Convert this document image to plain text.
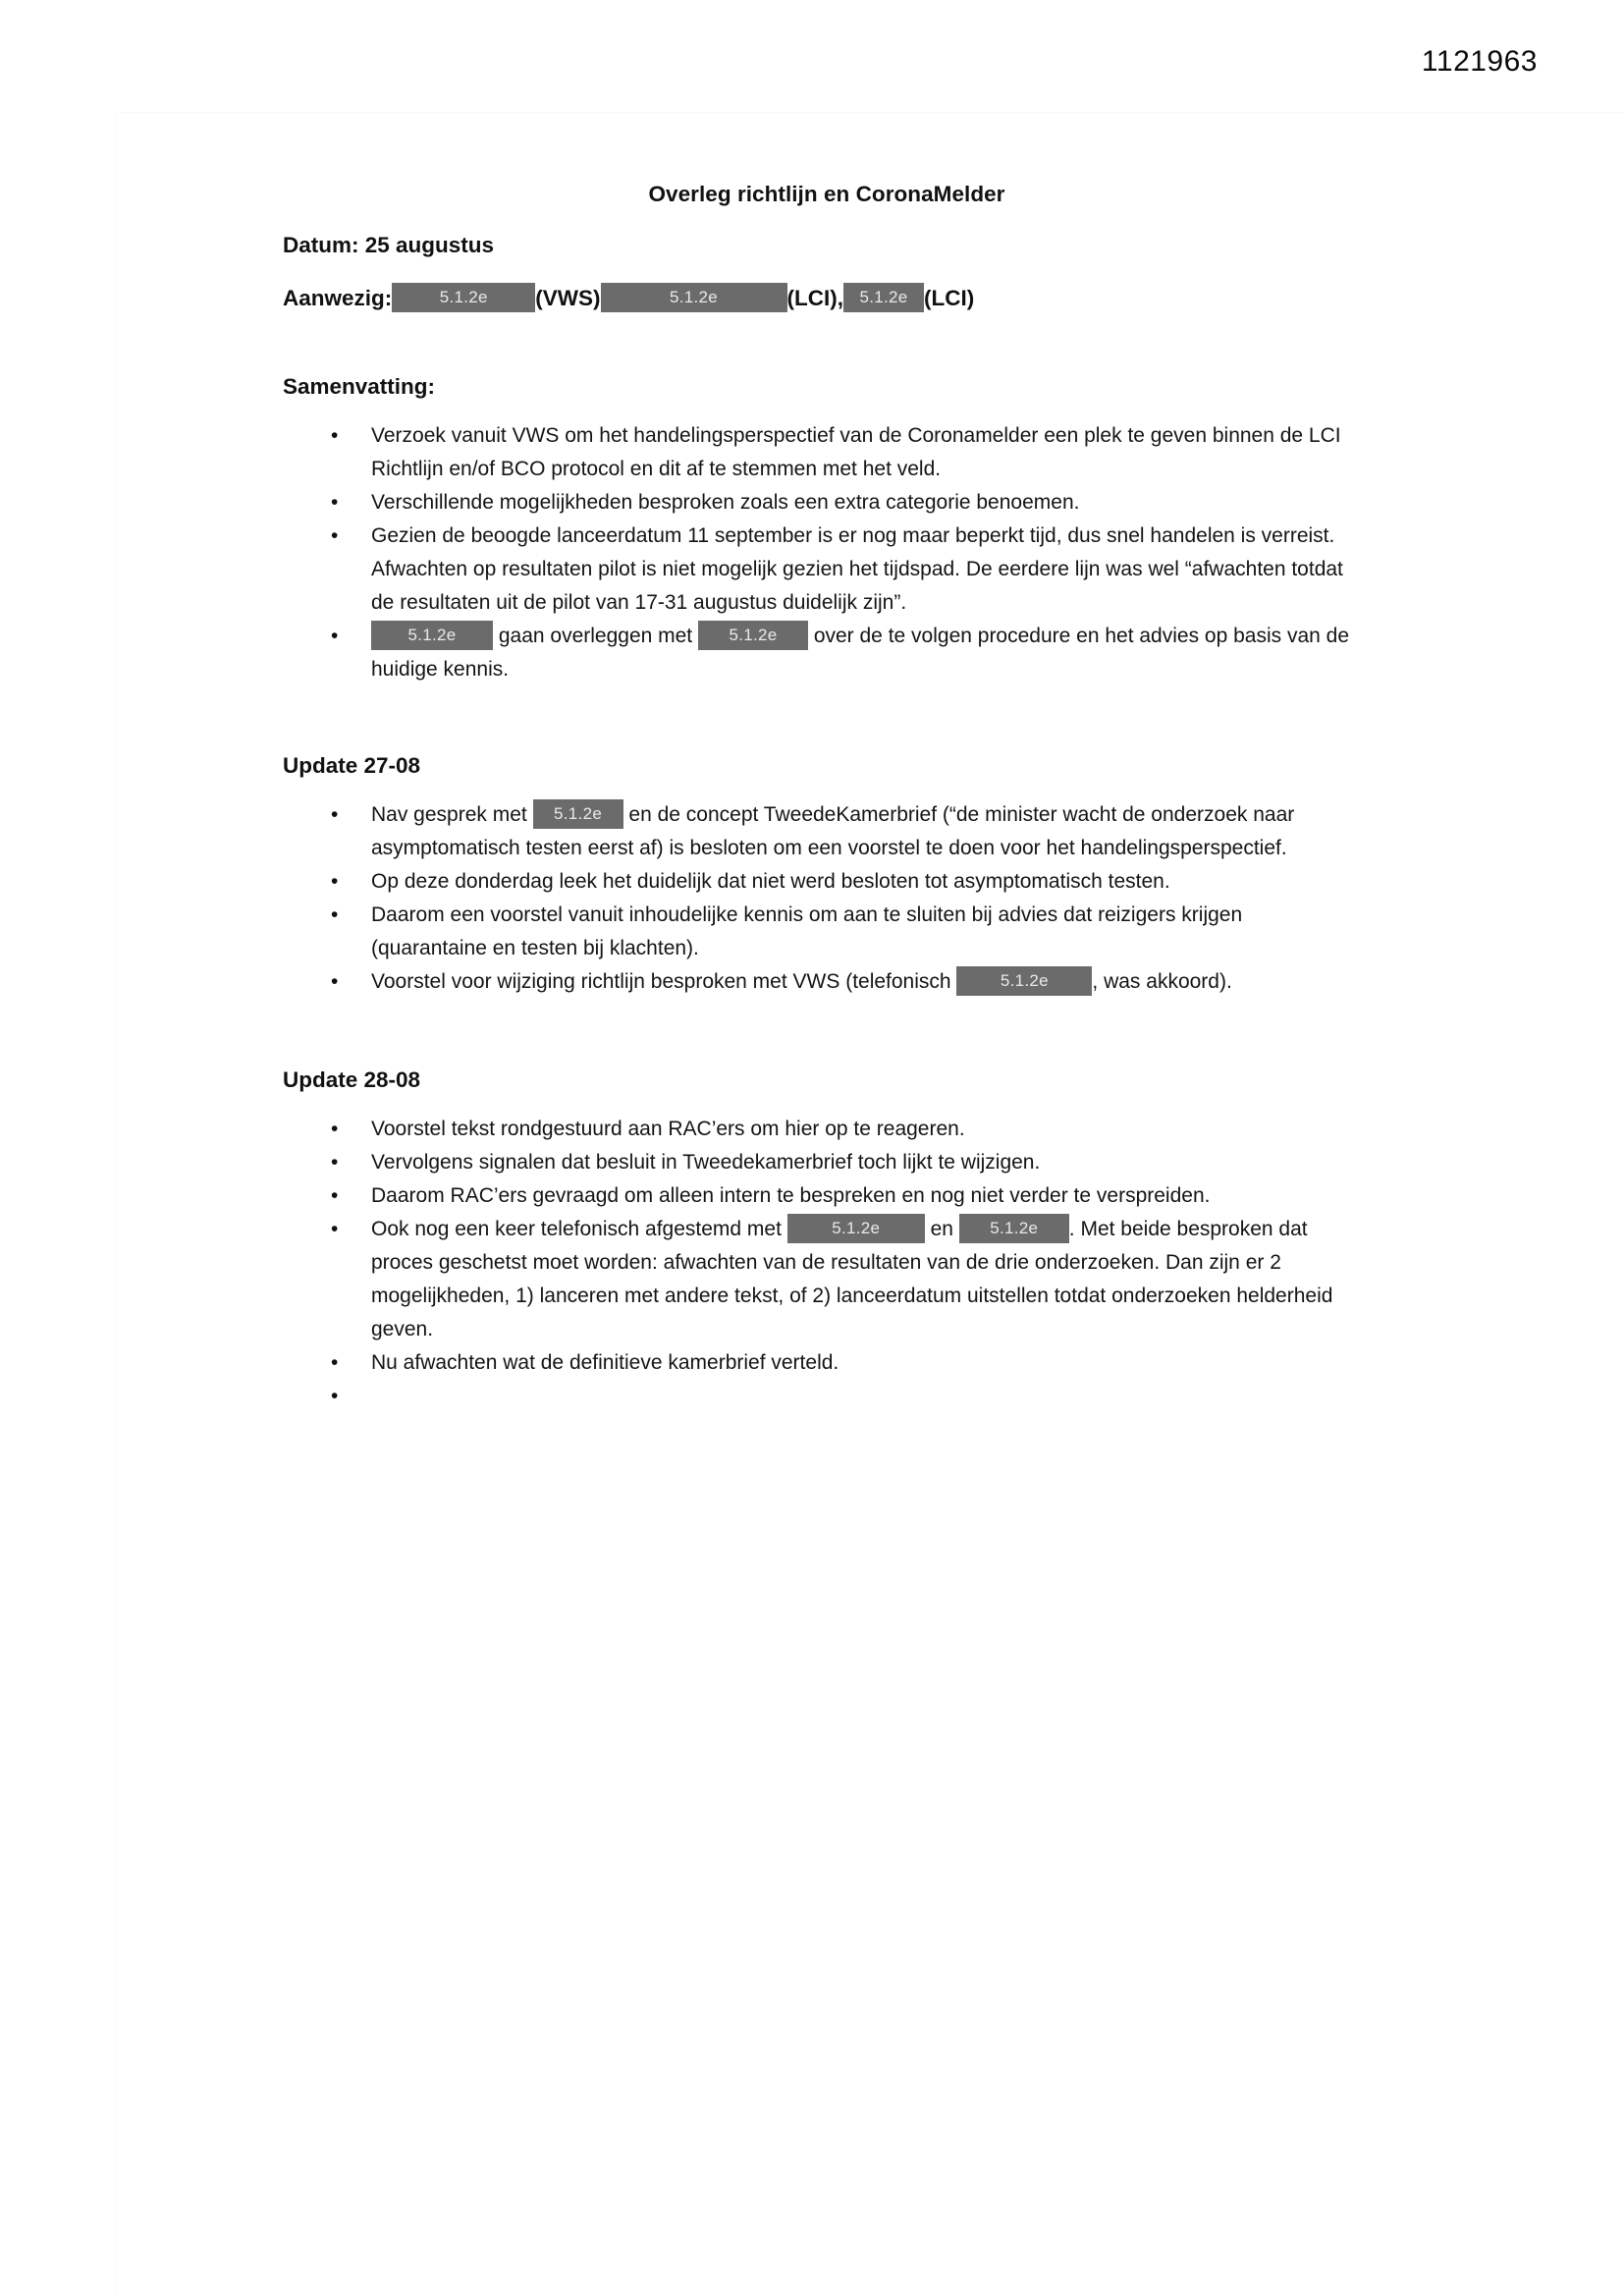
1121963
Overleg richtlijn en CoronaMelder
Datum: 25 augustus
Aanwezig:	5.1.2e	(VWS)	5.1.2e	(LCI), 5.1.2e (LCI)
Samenvatting:
• Verzoek vanuit VWS om het handelingsperspectief van de Coronamelder een plek te geven binnen de LCI Richtlijn en/of BCO protocol en dit af te stemmen met het veld.
• Verschillende mogelijkheden besproken zoals een extra categorie benoemen.
• Gezien de beoogde lanceerdatum 11 september is er nog maar beperkt tijd, dus snel handelen is verreist. Afwachten op resultaten pilot is niet mogelijk gezien het tijdspad. De eerdere lijn was wel “afwachten totdat de resultaten uit de pilot van 17-31 augustus duidelijk zijn”.
• 5.1.2e gaan overleggen met 5.1.2e over de te volgen procedure en het advies op basis van de huidige kennis.
Update 27-08
• Nav gesprek met 5.1.2e en de concept TweedeKamerbrief (“de minister wacht de onderzoek naar asymptomatisch testen eerst af) is besloten om een voorstel te doen voor het handelingsperspectief.
• Op deze donderdag leek het duidelijk dat niet werd besloten tot asymptomatisch testen.
• Daarom een voorstel vanuit inhoudelijke kennis om aan te sluiten bij advies dat reizigers krijgen (quarantaine en testen bij klachten).
• Voorstel voor wijziging richtlijn besproken met VWS (telefonisch	5.1.2e , was akkoord).
Update 28-08
• Voorstel tekst rondgestuurd aan RAC’ers om hier op te reageren.
• Vervolgens signalen dat besluit in Tweedekamerbrief toch lijkt te wijzigen.
• Daarom RAC’ers gevraagd om alleen intern te bespreken en nog niet verder te verspreiden.
• Ook nog een keer telefonisch afgestemd met	5.1.2e en 5.1.2e . Met beide besproken dat proces geschetst moet worden: afwachten van de resultaten van de drie onderzoeken. Dan zijn er 2 mogelijkheden, 1) lanceren met andere tekst, of 2) lanceerdatum uitstellen totdat onderzoeken helderheid geven.
• Nu afwachten wat de definitieve kamerbrief verteld.
•
